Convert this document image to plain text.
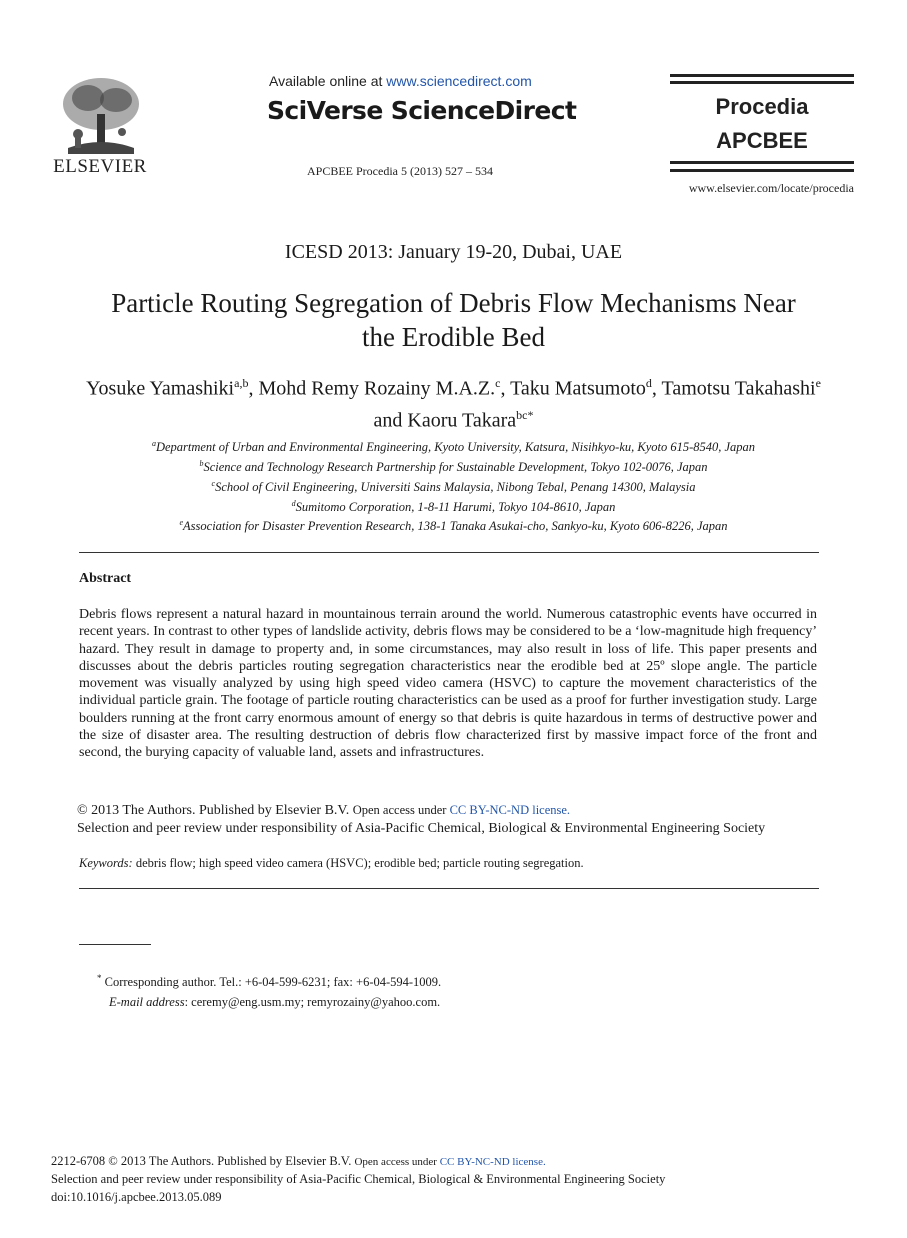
ELSEVIER
Available online at www.sciencedirect.com
SciVerse ScienceDirect
APCBEE Procedia 5 (2013) 527 – 534
Procedia
APCBEE
www.elsevier.com/locate/procedia
ICESD 2013: January 19-20, Dubai, UAE
Particle Routing Segregation of Debris Flow Mechanisms Near
the Erodible Bed
Yosuke Yamashiki$^{a,b}$, Mohd Remy Rozainy M.A.Z.$^c$, Taku Matsumoto$^d$, Tamotsu Takahashi$^e$ and Kaoru Takara$^{bc*}$
$^a$Department of Urban and Environmental Engineering, Kyoto University, Katsura, Nisihkyo-ku, Kyoto 615-8540, Japan
$^b$Science and Technology Research Partnership for Sustainable Development, Tokyo 102-0076, Japan
$^c$School of Civil Engineering, Universiti Sains Malaysia, Nibong Tebal, Penang 14300, Malaysia
$^d$Sumitomo Corporation, 1-8-11 Harumi, Tokyo 104-8610, Japan
$^e$Association for Disaster Prevention Research, 138-1 Tanaka Asukai-cho, Sankyo-ku, Kyoto 606-8226, Japan
Abstract
Debris flows represent a natural hazard in mountainous terrain around the world. Numerous catastrophic events have occurred in recent years. In contrast to other types of landslide activity, debris flows may be considered to be a ‘low-magnitude high frequency’ hazard. They result in damage to property and, in some circumstances, may also result in loss of life. This paper presents and discusses about the debris particles routing segregation characteristics near the erodible bed at 25º slope angle. The particle movement was visually analyzed by using high speed video camera (HSVC) to capture the movement characteristics of the individual particle grain. The footage of particle routing characteristics can be used as a proof for further investigation study. Large boulders running at the front carry enormous amount of energy so that debris is quite hazardous in terms of destructive power and the size of disaster area. The resulting destruction of debris flow characterized first by massive impact force of the front and second, the burying capacity of valuable land, assets and infrastructures.
© 2013 The Authors. Published by Elsevier B.V. Open access under CC BY-NC-ND license.
Selection and peer review under responsibility of Asia-Pacific Chemical, Biological & Environmental Engineering Society
Keywords: debris flow; high speed video camera (HSVC); erodible bed; particle routing segregation.
* Corresponding author. Tel.: +6-04-599-6231; fax: +6-04-594-1009.
E-mail address: ceremy@eng.usm.my; remyrozainy@yahoo.com.
2212-6708 © 2013 The Authors. Published by Elsevier B.V. Open access under CC BY-NC-ND license.
Selection and peer review under responsibility of Asia-Pacific Chemical, Biological & Environmental Engineering Society
doi:10.1016/j.apcbee.2013.05.089
